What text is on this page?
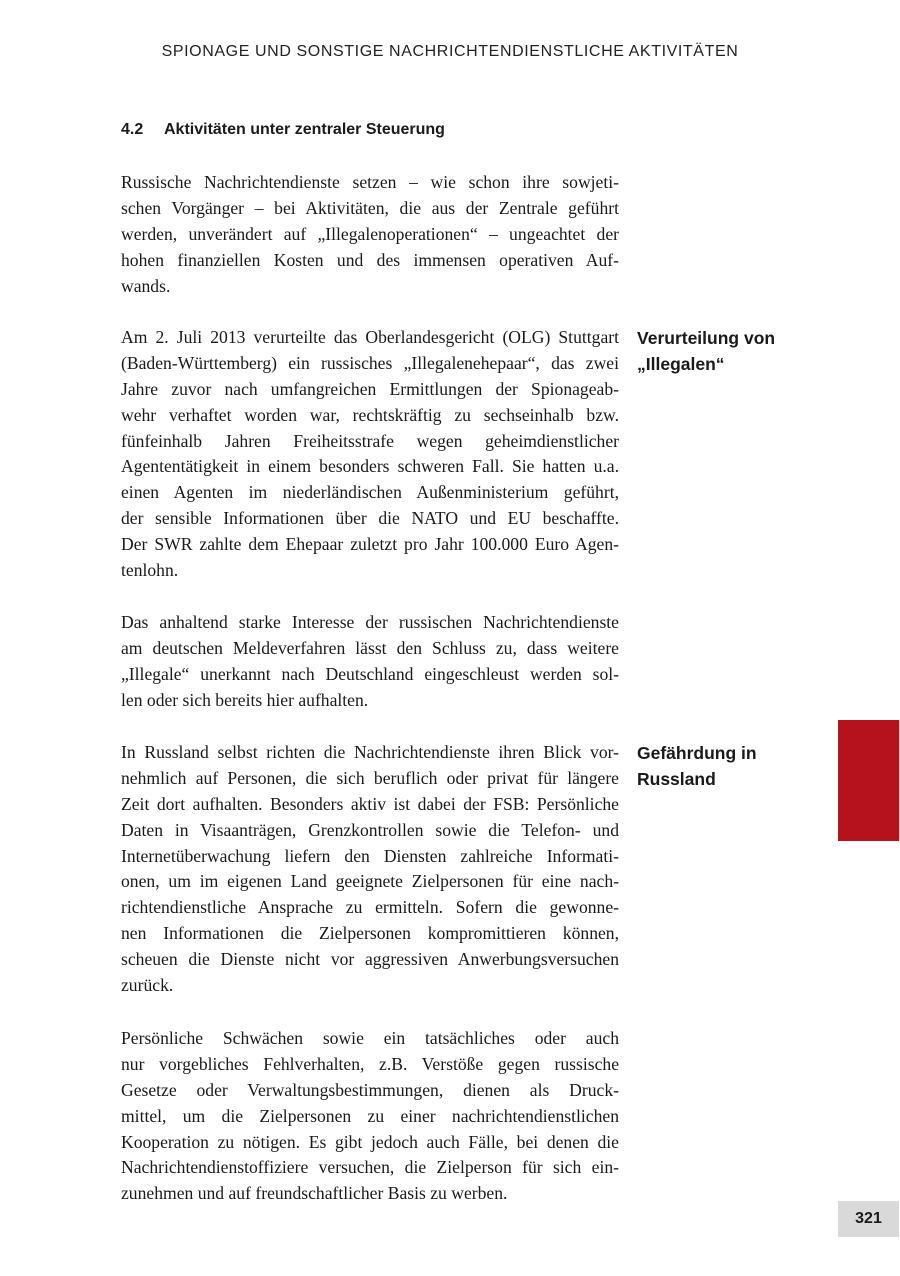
SPIONAGE UND SONSTIGE NACHRICHTENDIENSTLICHE AKTIVITÄTEN
4.2 Aktivitäten unter zentraler Steuerung
Russische Nachrichtendienste setzen – wie schon ihre sowjeti-
schen Vorgänger – bei Aktivitäten, die aus der Zentrale geführt
werden, unverändert auf „Illegalenoperationen“ – ungeachtet der
hohen finanziellen Kosten und des immensen operativen Auf-
wands.
Am 2. Juli 2013 verurteilte das Oberlandesgericht (OLG) Stuttgart
(Baden-Württemberg) ein russisches „Illegalenehepaar“, das zwei
Jahre zuvor nach umfangreichen Ermittlungen der Spionageab-
wehr verhaftet worden war, rechtskräftig zu sechseinhalb bzw.
fünfeinhalb Jahren Freiheitsstrafe wegen geheimdienstlicher
Agententätigkeit in einem besonders schweren Fall. Sie hatten u.a.
einen Agenten im niederländischen Außenministerium geführt,
der sensible Informationen über die NATO und EU beschaffte.
Der SWR zahlte dem Ehepaar zuletzt pro Jahr 100.000 Euro Agen-
tenlohn.
Das anhaltend starke Interesse der russischen Nachrichtendienste
am deutschen Meldeverfahren lässt den Schluss zu, dass weitere
„Illegale“ unerkannt nach Deutschland eingeschleust werden sol-
len oder sich bereits hier aufhalten.
In Russland selbst richten die Nachrichtendienste ihren Blick vor-
nehmlich auf Personen, die sich beruflich oder privat für längere
Zeit dort aufhalten. Besonders aktiv ist dabei der FSB: Persönliche
Daten in Visaanträgen, Grenzkontrollen sowie die Telefon- und
Internetüberwachung liefern den Diensten zahlreiche Informati-
onen, um im eigenen Land geeignete Zielpersonen für eine nach-
richtendienstliche Ansprache zu ermitteln. Sofern die gewonne-
nen Informationen die Zielpersonen kompromittieren können,
scheuen die Dienste nicht vor aggressiven Anwerbungsversuchen
zurück.
Persönliche Schwächen sowie ein tatsächliches oder auch
nur vorgebliches Fehlverhalten, z.B. Verstöße gegen russische
Gesetze oder Verwaltungsbestimmungen, dienen als Druck-
mittel, um die Zielpersonen zu einer nachrichtendienstlichen
Kooperation zu nötigen. Es gibt jedoch auch Fälle, bei denen die
Nachrichtendienstoffiziere versuchen, die Zielperson für sich ein-
zunehmen und auf freundschaftlicher Basis zu werben.
Verurteilung von
„Illegalen“
Gefährdung in
Russland
321
